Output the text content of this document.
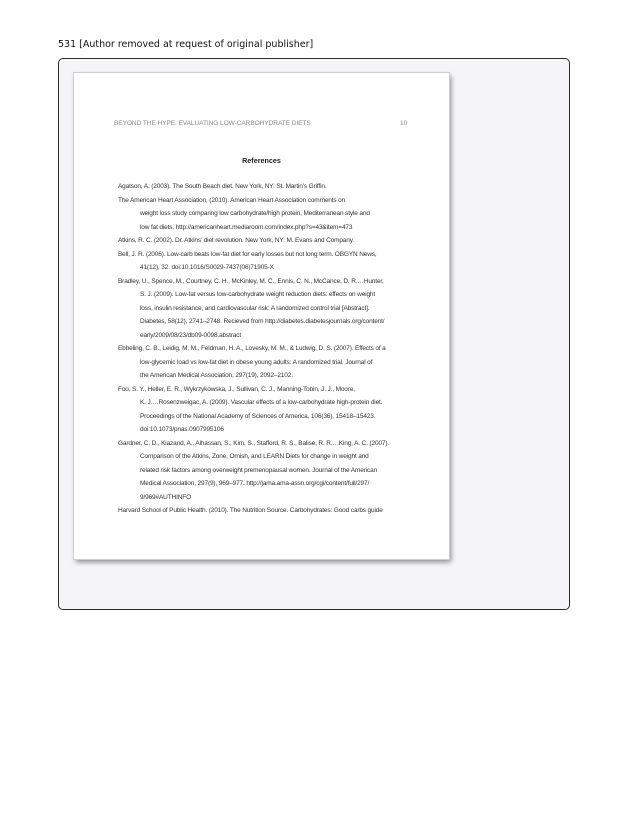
531 [Author removed at request of original publisher]
BEYOND THE HYPE: EVALUATING LOW-CARBOHYDRATE DIETS	10
References
Agatson, A. (2003). The South Beach diet. New York, NY: St. Martin’s Griffin.
The American Heart Association. (2010). American Heart Association comments on
weight loss study comparing low carbohydrate/high protein, Mediterranean style and
low fat diets. http://americanheart.mediaroom.com/index.php?s=43&item=473
Atkins, R. C. (2002). Dr. Atkins’ diet revolution. New York, NY: M. Evans and Company.
Bell, J. R. (2006). Low-carb beats low-fat diet for early losses but not long term. OBGYN News,
41(12), 32. doi:10.1016/S0029-7437(06)71905-X
Bradley, U., Spence, M., Courtney, C. H., McKinley, M. C., Ennis, C. N., McCance, D. R.…Hunter,
S. J. (2009). Low-fat versus low-carbohydrate weight reduction diets: effects on weight
loss, insulin resistance, and cardiovascular risk: A randomized control trial [Abstract].
Diabetes, 58(12), 2741–2748. Recieved from http://diabetes.diabetesjournals.org/content/
early/2009/08/23/db09-0098.abstract
Ebbeling, C. B., Leidig, M. M., Feldman, H. A., Lovesky, M. M., & Ludwig, D. S. (2007). Effects of a
low-glycemic load vs low-fat diet in obese young adults: A randomized trial. Journal of
the American Medical Association, 297(19), 2092–2102.
Foo, S. Y., Heller, E. R., Wykrzykowska, J., Sullivan, C. J., Manning-Tobin, J. J., Moore,
K. J.…Rosenzweigac, A. (2009). Vascular effects of a low-carbohydrate high-protein diet.
Proceedings of the National Academy of Sciences of America, 106(36), 15418–15423.
doi:10.1073/pnas.0907995106
Gardner, C. D., Kiazand, A., Alhassan, S., Kim, S., Stafford, R. S., Balise, R. R.…King, A. C. (2007).
Comparison of the Atkins, Zone, Ornish, and LEARN Diets for change in weight and
related risk factors among overweight premenopausal women. Journal of the American
Medical Association, 297(9), 969–977. http://jama.ama-assn.org/cgi/content/full/297/
9/969#AUTHINFO
Harvard School of Public Health. (2010). The Nutrition Source. Carbohydrates: Good carbs guide
